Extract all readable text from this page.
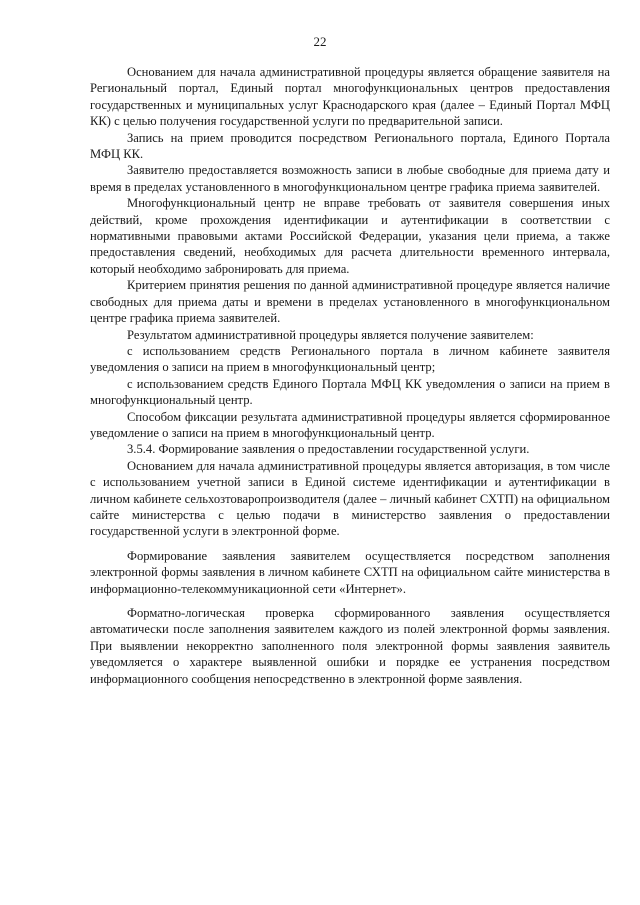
22

Основанием для начала административной процедуры является обращение заявителя на Региональный портал, Единый портал многофункциональных центров предоставления государственных и муниципальных услуг Краснодарского края (далее – Единый Портал МФЦ КК) с целью получения государственной услуги по предварительной записи.

Запись на прием проводится посредством Регионального портала, Единого Портала МФЦ КК.

Заявителю предоставляется возможность записи в любые свободные для приема дату и время в пределах установленного в многофункциональном центре графика приема заявителей.

Многофункциональный центр не вправе требовать от заявителя совершения иных действий, кроме прохождения идентификации и аутентификации в соответствии с нормативными правовыми актами Российской Федерации, указания цели приема, а также предоставления сведений, необходимых для расчета длительности временного интервала, который необходимо забронировать для приема.

Критерием принятия решения по данной административной процедуре является наличие свободных для приема даты и времени в пределах установленного в многофункциональном центре графика приема заявителей.

Результатом административной процедуры является получение заявителем:

с использованием средств Регионального портала в личном кабинете заявителя уведомления о записи на прием в многофункциональный центр;

с использованием средств Единого Портала МФЦ КК уведомления о записи на прием в многофункциональный центр.

Способом фиксации результата административной процедуры является сформированное уведомление о записи на прием в многофункциональный центр.

3.5.4. Формирование заявления о предоставлении государственной услуги.

Основанием для начала административной процедуры является авторизация, в том числе с использованием учетной записи в Единой системе идентификации и аутентификации в личном кабинете сельхозтоваропроизводителя (далее – личный кабинет СХТП) на официальном сайте министерства с целью подачи в министерство заявления о предоставлении государственной услуги в электронной форме.

Формирование заявления заявителем осуществляется посредством заполнения электронной формы заявления в личном кабинете СХТП на официальном сайте министерства в информационно-телекоммуникационной сети «Интернет».

Форматно-логическая проверка сформированного заявления осуществляется автоматически после заполнения заявителем каждого из полей электронной формы заявления. При выявлении некорректно заполненного поля электронной формы заявления заявитель уведомляется о характере выявленной ошибки и порядке ее устранения посредством информационного сообщения непосредственно в электронной форме заявления.
